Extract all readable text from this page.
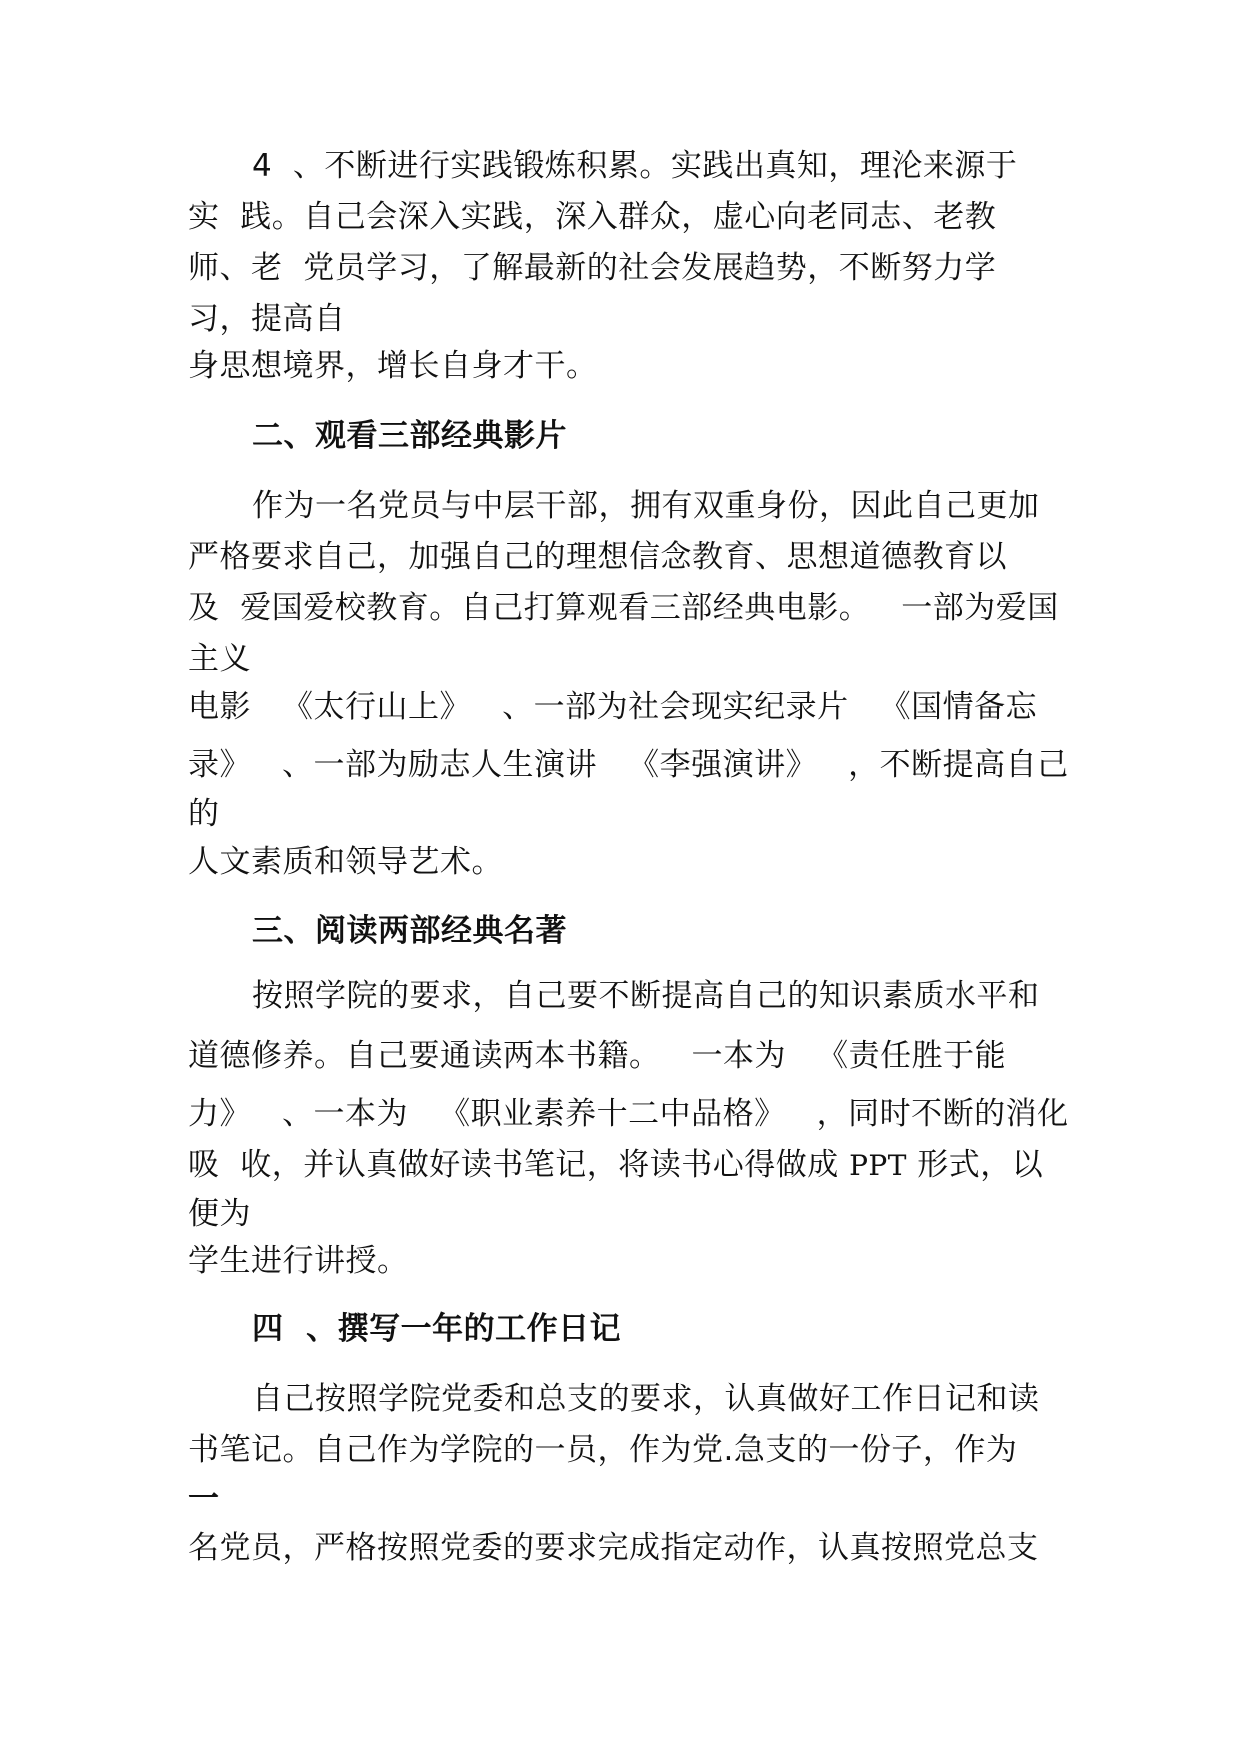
4  、不断进行实践锻炼积累。实践出真知，理沦来源于
实  践。自己会深入实践，深入群众，虚心向老同志、老教
师、老  党员学习，了解最新的社会发展趋势，不断努力学
习，提高自
身思想境界，增长自身才干。
二、观看三部经典影片
作为一名党员与中层干部，拥有双重身份，因此自己更加
严格要求自己，加强自己的理想信念教育、思想道德教育以
及  爱国爱校教育。自己打算观看三部经典电影。   一部为爱国
主义
电影   《太行山上》   、一部为社会现实纪录片   《国情备忘
录》   、一部为励志人生演讲   《李强演讲》   ，不断提高自己
的
人文素质和领导艺术。
三、阅读两部经典名著
按照学院的要求，自己要不断提高自己的知识素质水平和
道德修养。自己要通读两本书籍。   一本为   《责任胜于能
力》   、一本为   《职业素养十二中品格》   ，同时不断的消化
吸  收，并认真做好读书笔记，将读书心得做成 PPT 形式，以
便为
学生进行讲授。
四  、撰写一年的工作日记
自己按照学院党委和总支的要求，认真做好工作日记和读
书笔记。自己作为学院的一员，作为党.急支的一份子，作为
一
名党员，严格按照党委的要求完成指定动作，认真按照党总支
